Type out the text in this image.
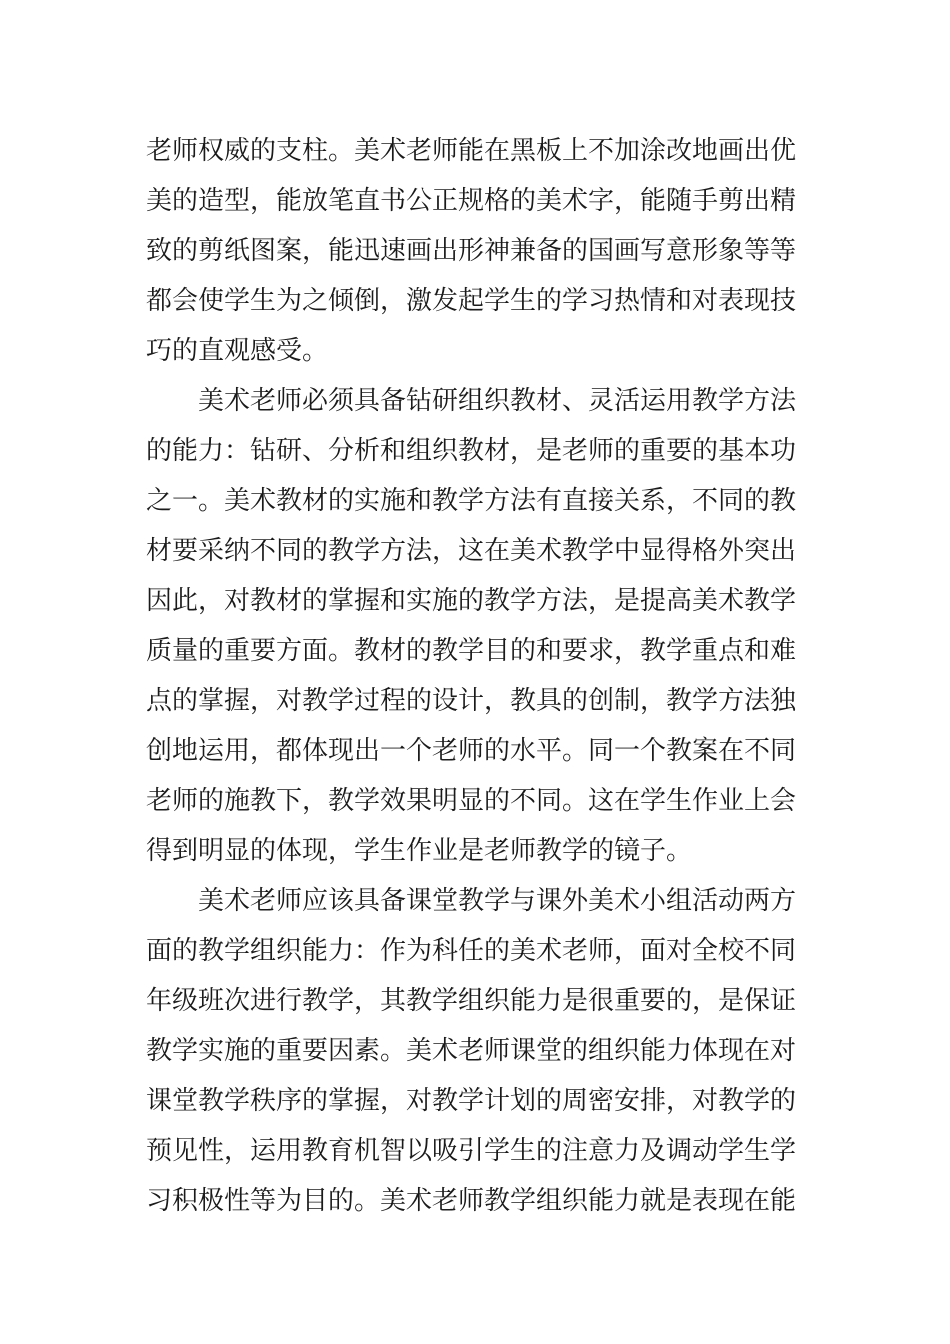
老师权威的支柱。美术老师能在黑板上不加涂改地画出优
美的造型，能放笔直书公正规格的美术字，能随手剪出精
致的剪纸图案，能迅速画出形神兼备的国画写意形象等等
都会使学生为之倾倒，激发起学生的学习热情和对表现技
巧的直观感受。
　　美术老师必须具备钻研组织教材、灵活运用教学方法
的能力：钻研、分析和组织教材，是老师的重要的基本功
之一。美术教材的实施和教学方法有直接关系，不同的教
材要采纳不同的教学方法，这在美术教学中显得格外突出
因此，对教材的掌握和实施的教学方法，是提高美术教学
质量的重要方面。教材的教学目的和要求，教学重点和难
点的掌握，对教学过程的设计，教具的创制，教学方法独
创地运用，都体现出一个老师的水平。同一个教案在不同
老师的施教下，教学效果明显的不同。这在学生作业上会
得到明显的体现，学生作业是老师教学的镜子。
　　美术老师应该具备课堂教学与课外美术小组活动两方
面的教学组织能力：作为科任的美术老师，面对全校不同
年级班次进行教学，其教学组织能力是很重要的，是保证
教学实施的重要因素。美术老师课堂的组织能力体现在对
课堂教学秩序的掌握，对教学计划的周密安排，对教学的
预见性，运用教育机智以吸引学生的注意力及调动学生学
习积极性等为目的。美术老师教学组织能力就是表现在能
